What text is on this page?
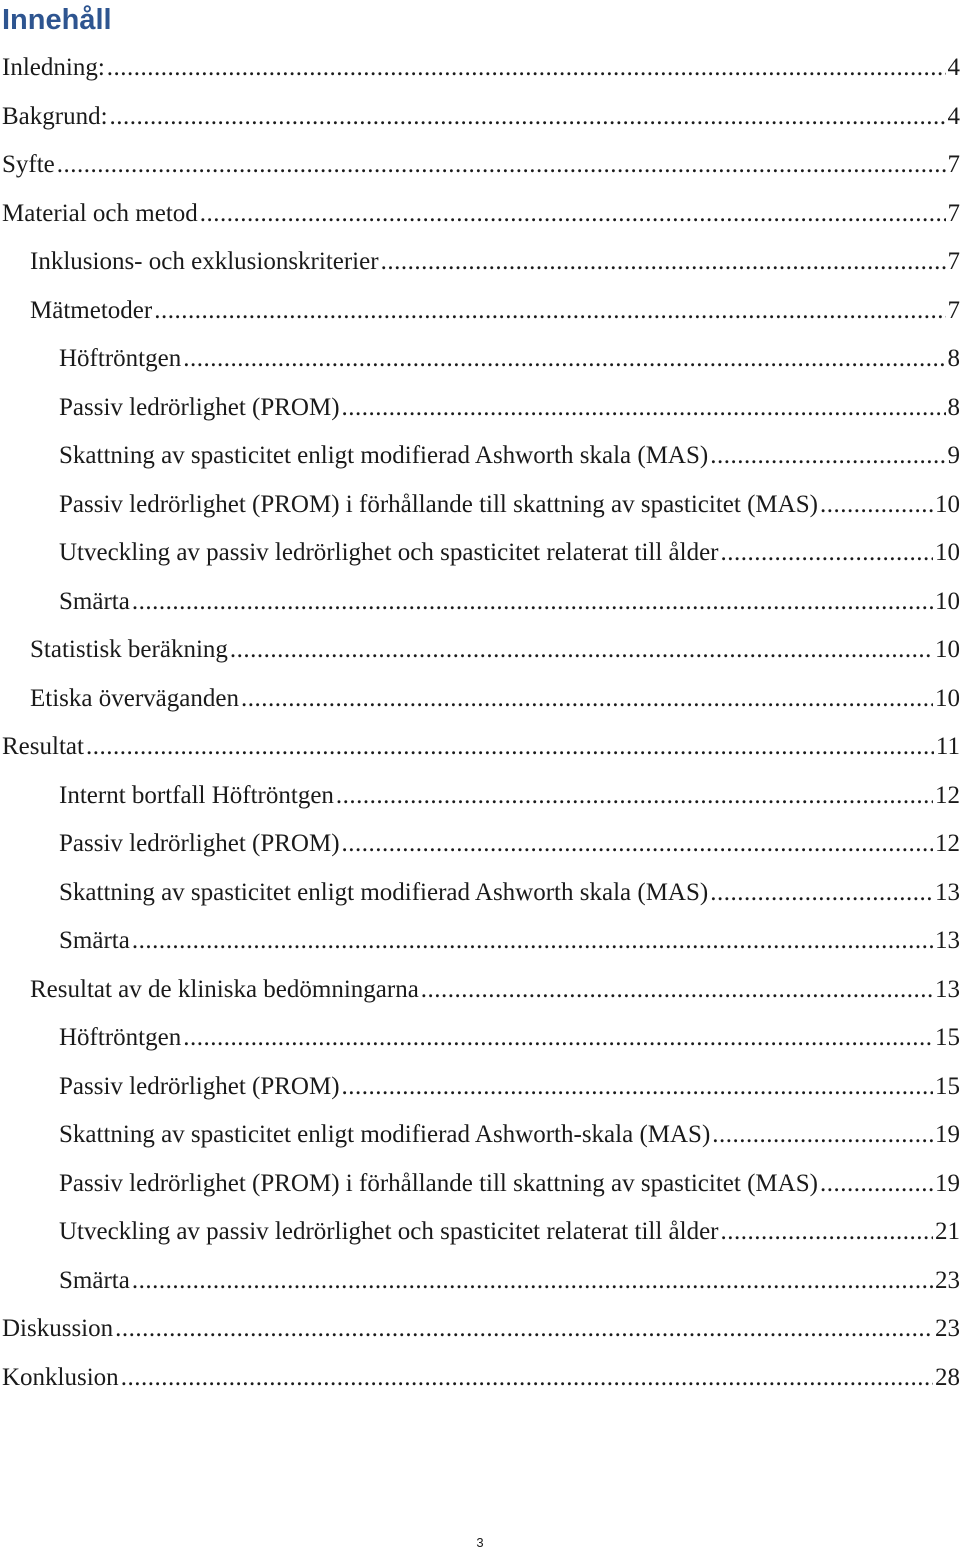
Innehåll
Inledning: .....	4
Bakgrund: .....	4
Syfte .....	7
Material och metod .....	7
Inklusions- och exklusionskriterier .....	7
Mätmetoder .....	7
Höftröntgen .....	8
Passiv ledrörlighet (PROM) .....	8
Skattning av spasticitet enligt modifierad Ashworth skala (MAS) .....	9
Passiv ledrörlighet (PROM) i förhållande till skattning av spasticitet (MAS) .....	10
Utveckling av passiv ledrörlighet och spasticitet relaterat till ålder .....	10
Smärta .....	10
Statistisk beräkning .....	10
Etiska överväganden .....	10
Resultat .....	11
Internt bortfall Höftröntgen .....	12
Passiv ledrörlighet (PROM) .....	12
Skattning av spasticitet enligt modifierad Ashworth skala (MAS) .....	13
Smärta .....	13
Resultat av de kliniska bedömningarna .....	13
Höftröntgen .....	15
Passiv ledrörlighet (PROM) .....	15
Skattning av spasticitet enligt modifierad Ashworth-skala (MAS) .....	19
Passiv ledrörlighet (PROM) i förhållande till skattning av spasticitet (MAS) .....	19
Utveckling av passiv ledrörlighet och spasticitet relaterat till ålder .....	21
Smärta .....	23
Diskussion .....	23
Konklusion .....	28
3
